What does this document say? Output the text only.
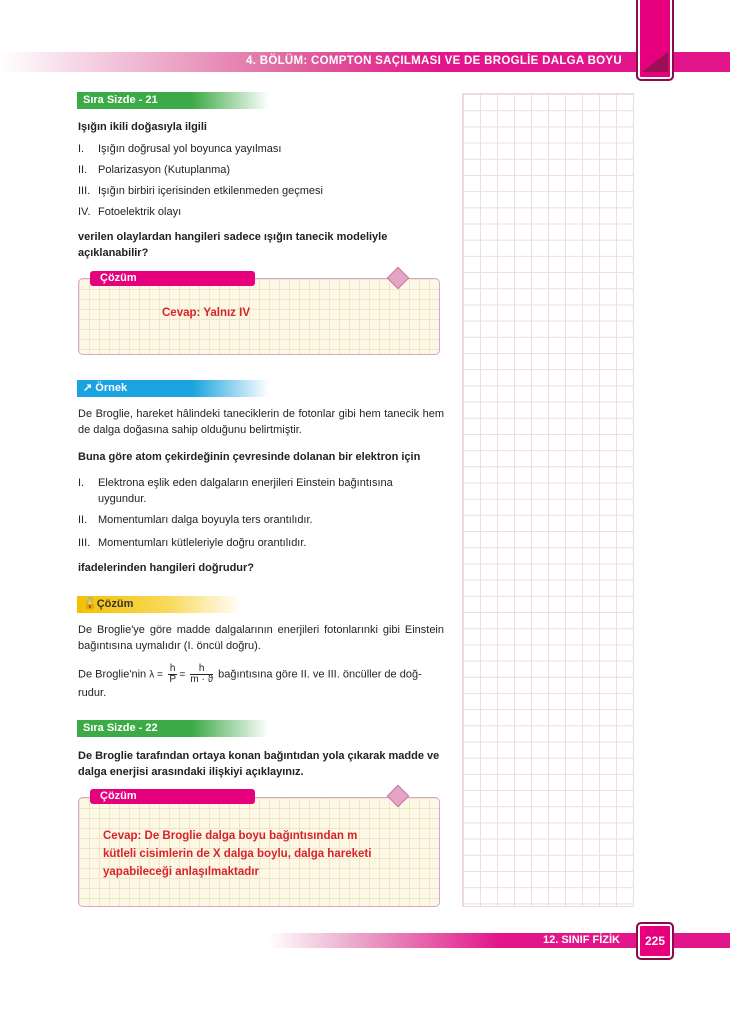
4. BÖLÜM: COMPTON SAÇILMASI VE DE BROGLİE DALGA BOYU
Sıra Sizde - 21
Işığın ikili doğasıyla ilgili
I. Işığın doğrusal yol boyunca yayılması
II. Polarizasyon (Kutuplanma)
III. Işığın birbiri içerisinden etkilenmeden geçmesi
IV. Fotoelektrik olayı
verilen olaylardan hangileri sadece ışığın tanecik modeliyle açıklanabilir?
Çözüm
Cevap: Yalnız IV
↗ Örnek
De Broglie, hareket hâlindeki taneciklerin de fotonlar gibi hem tanecik hem de dalga doğasına sahip olduğunu belirtmiştir.
Buna göre atom çekirdeğinin çevresinde dolanan bir elektron için
I.	Elektrona eşlik eden dalgaların enerjileri Einstein bağıntısına uygundur.
II. Momentumları dalga boyuyla ters orantılıdır.
III. Momentumları kütleleriyle doğru orantılıdır.
ifadelerinden hangileri doğrudur?
🔓Çözüm
De Broglie'ye göre madde dalgalarının enerjileri fotonlarınki gibi Einstein bağıntısına uymalıdır (I. öncül doğru).
De Broglie'nin $\lambda = \frac{h}{P} = \frac{h}{m \cdot ϑ}$ bağıntısına göre II. ve III. öncüller de doğ-rudur.
Sıra Sizde - 22
De Broglie tarafından ortaya konan bağıntıdan yola çıkarak madde ve dalga enerjisi arasındaki ilişkiyi açıklayınız.
Çözüm
Cevap: De Broglie dalga boyu bağıntısından m
kütleli cisimlerin de X dalga boylu, dalga hareketi
yapabileceği anlaşılmaktadır
12. SINIF FİZİK	225
